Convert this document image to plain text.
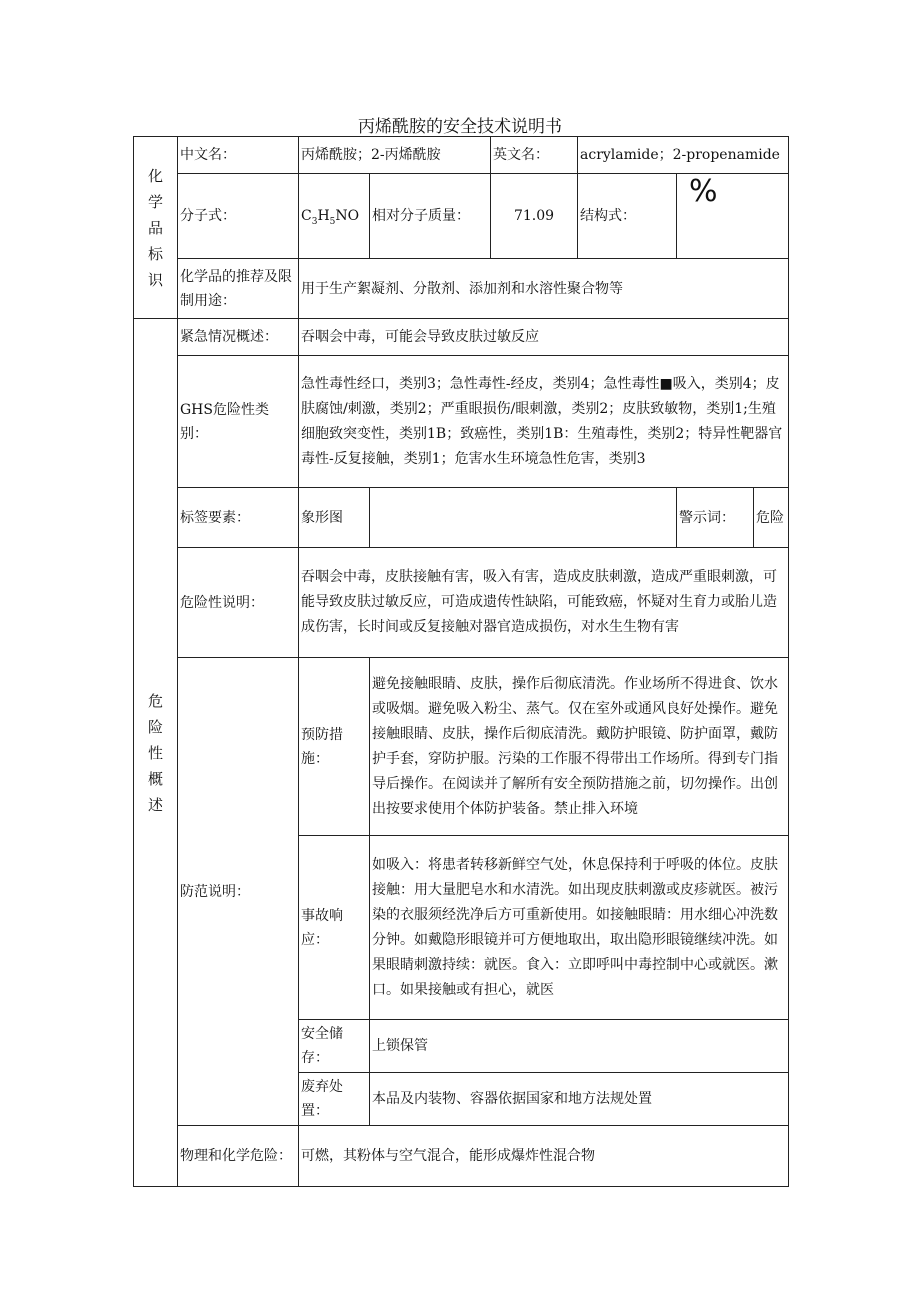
丙烯酰胺的安全技术说明书
化
学
品
标
识	中文名：	丙烯酰胺；2-丙烯酰胺		英文名：	acrylamide；2-propenamide		
	分子式：	$C_3H_5NO$	相对分子质量：	71.09	结构式：	%	
	化学品的推荐及限制用途：	用于生产絮凝剂、分散剂、添加剂和水溶性聚合物等					

危
险
性
概
述	紧急情况概述：	吞咽会中毒，可能会导致皮肤过敏反应					
	GHS危险性类别：	急性毒性经口，类别3；急性毒性-经皮，类别4；急性毒性■吸入，类别4；皮肤腐蚀/刺激，类别2；严重眼损伤/眼刺激，类别2；皮肤致敏物，类别1;生殖细胞致突变性，类别1B；致癌性，类别1B：生殖毒性，类别2；特异性靶器官毒性-反复接触，类别1；危害水生环境急性危害，类别3					
	标签要素：	象形图				警示词：	危险
	危险性说明：	吞咽会中毒，皮肤接触有害，吸入有害，造成皮肤刺激，造成严重眼刺激，可能导致皮肤过敏反应，可造成遗传性缺陷，可能致癌，怀疑对生育力或胎儿造成伤害，长时间或反复接触对器官造成损伤，对水生生物有害					
	防范说明：	预防措施：	避免接触眼睛、皮肤，操作后彻底清洗。作业场所不得进食、饮水或吸烟。避免吸入粉尘、蒸气。仅在室外或通风良好处操作。避免接触眼睛、皮肤，操作后彻底清洗。戴防护眼镜、防护面罩，戴防护手套，穿防护服。污染的工作服不得带出工作场所。得到专门指导后操作。在阅读并了解所有安全预防措施之前，切勿操作。出创出按要求使用个体防护装备。禁止排入环境				
		事故响应：	如吸入：将患者转移新鲜空气处，休息保持利于呼吸的体位。皮肤接触：用大量肥皂水和水清洗。如出现皮肤刺激或皮疹就医。被污染的衣服须经洗净后方可重新使用。如接触眼睛：用水细心冲洗数分钟。如戴隐形眼镜并可方便地取出，取出隐形眼镜继续冲洗。如果眼睛刺激持续：就医。食入：立即呼叫中毒控制中心或就医。漱口。如果接触或有担心，就医				
		安全储存：	上锁保管				
		废弃处置：	本品及内装物、容器依据国家和地方法规处置				
	物理和化学危险：	可燃，其粉体与空气混合，能形成爆炸性混合物					
